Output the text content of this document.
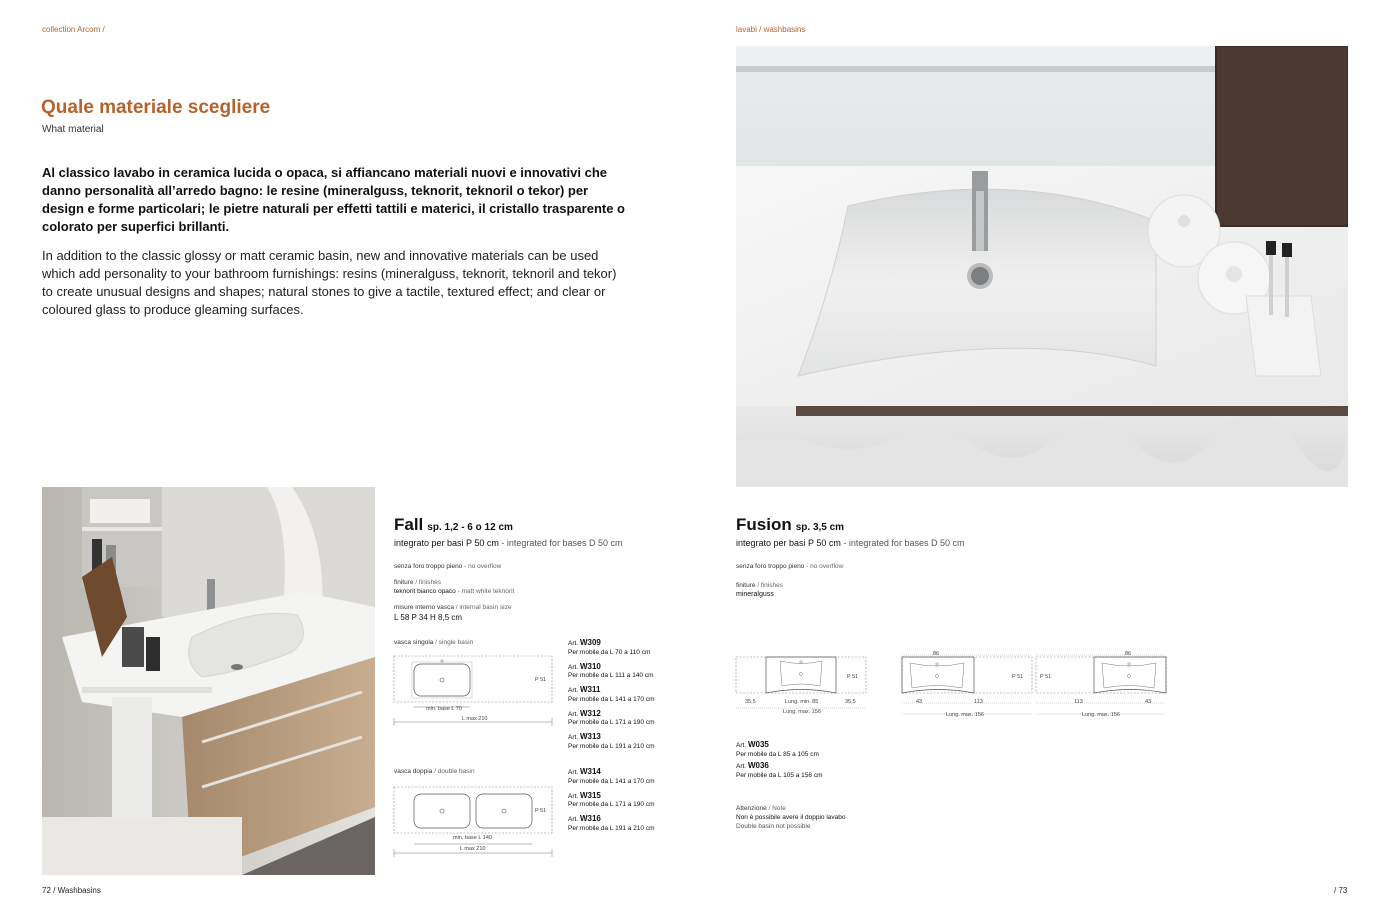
collection Arcom /
Quale materiale scegliere
What material
Al classico lavabo in ceramica lucida o opaca, si affiancano materiali nuovi e innovativi che danno personalità all’arredo bagno: le resine (mineralguss, teknorit, teknoril o tekor) per design e forme particolari; le pietre naturali per effetti tattili e materici, il cristallo trasparente o colorato per superfici brillanti.
In addition to the classic glossy or matt ceramic basin, new and innovative materials can be used which add personality to your bathroom furnishings: resins (mineralguss, teknorit, teknoril and tekor) to create unusual designs and shapes; natural stones to give a tactile, textured effect; and clear or coloured glass to produce gleaming surfaces.
lavabi / washbasins
Fall sp. 1,2 - 6 o 12 cm
integrato per basi P 50 cm - integrated for bases D 50 cm
senza foro troppo pieno - no overflow
finiture / finishes
teknorit bianco opaco - matt white teknorit
misure interno vasca / internal basin size
L 58 P 34 H 8,5 cm
vasca singola / single basin
P 51
min. base L 70
L max 210
Art. W309
Per mobile da L 70 a 110 cm
Art. W310
Per mobile da L 111 a 140 cm
Art. W311
Per mobile da L 141 a 170 cm
Art. W312
Per mobile da L 171 a 190 cm
Art. W313
Per mobile da L 191 a 210 cm
vasca doppia / double basin
P 51
min. base L 140
L max 210
Art. W314
Per mobile da L 141 a 170 cm
Art. W315
Per mobile da L 171 a 190 cm
Art. W316
Per mobile da L 191 a 210 cm
Fusion sp. 3,5 cm
integrato per basi P 50 cm - integrated for bases D 50 cm
senza foro troppo pieno - no overflow
finiture / finishes
mineralguss
P 51
35,5	Lung. min. 85	35,5
Lung. max. 156
86
P 51
43	113
Lung. max. 156
86
P 51
113	43
Lung. max. 156
Art. W035
Per mobile da L 85 a 105 cm
Art. W036
Per mobile da L 105 a 156 cm
Attenzione / Note
Non è possibile avere il doppio lavabo
Double basin not possible
72 / Washbasins	/ 73
